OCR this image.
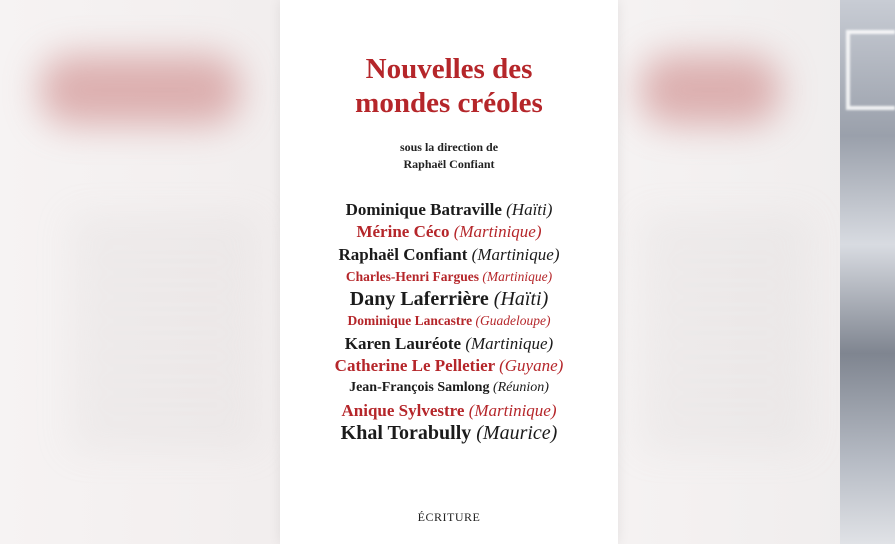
Nouvelles des
mondes créoles
sous la direction de
Raphaël Confiant
Dominique Batraville (Haïti)
Mérine Céco (Martinique)
Raphaël Confiant (Martinique)
Charles-Henri Fargues (Martinique)
Dany Laferrière (Haïti)
Dominique Lancastre (Guadeloupe)
Karen Lauréote (Martinique)
Catherine Le Pelletier (Guyane)
Jean-François Samlong (Réunion)
Anique Sylvestre (Martinique)
Khal Torabully (Maurice)
ÉCRITURE
